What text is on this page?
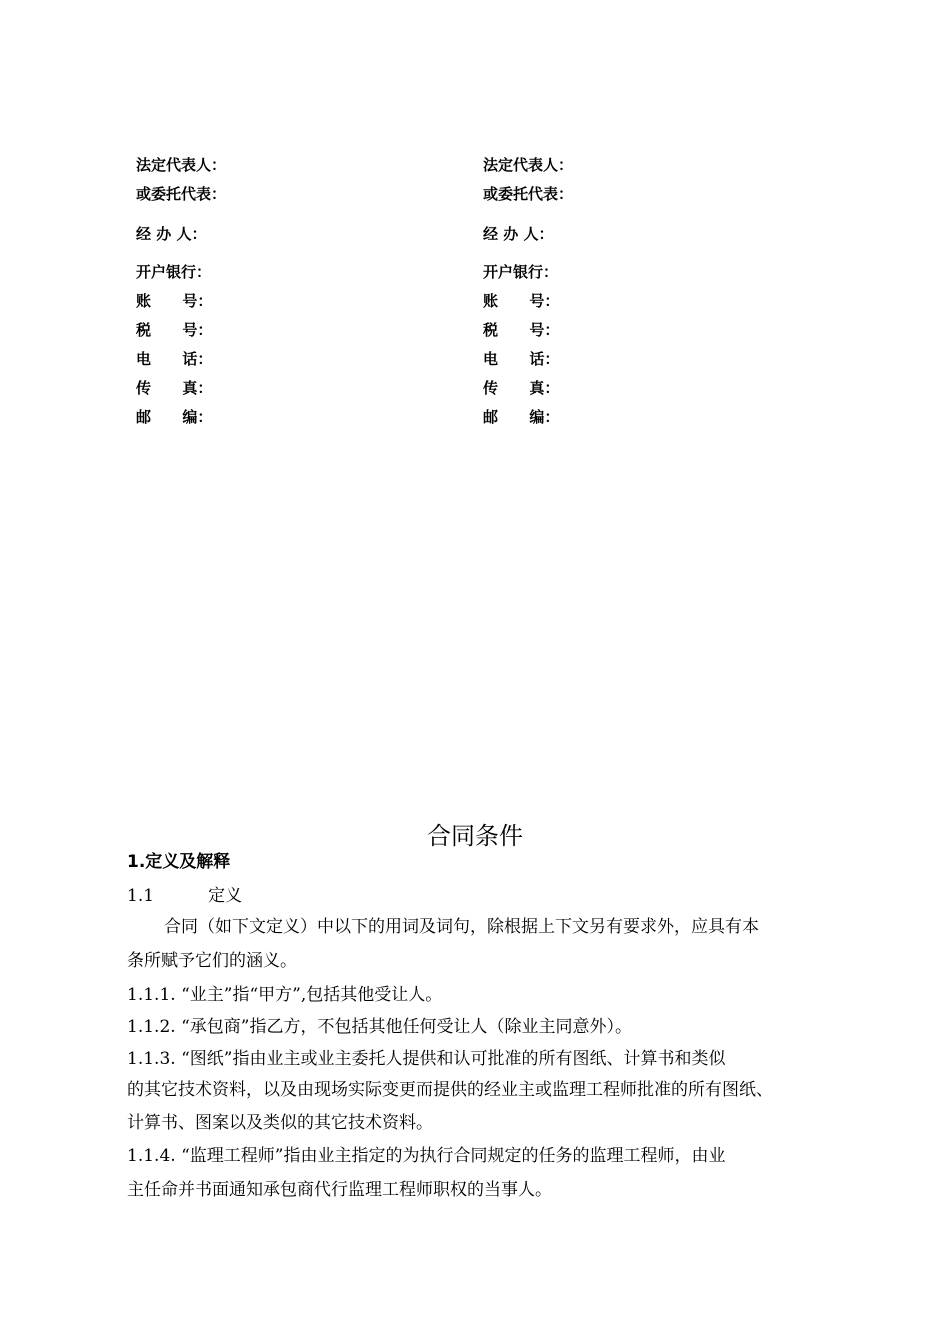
法定代表人：
或委托代表：
经 办 人：
开户银行：
账      号：
税      号：
电      话：
传      真：
邮      编：
法定代表人：
或委托代表：
经 办 人：
开户银行：
账      号：
税      号：
电      话：
传      真：
邮      编：
合同条件
1.定义及解释
1.1          定义
合同（如下文定义）中以下的用词及词句，除根据上下文另有要求外，应具有本
条所赋予它们的涵义。
1.1.1. “业主”指“甲方”,包括其他受让人。
1.1.2. “承包商”指乙方，不包括其他任何受让人（除业主同意外）。
1.1.3. “图纸”指由业主或业主委托人提供和认可批准的所有图纸、计算书和类似
的其它技术资料，以及由现场实际变更而提供的经业主或监理工程师批准的所有图纸、
计算书、图案以及类似的其它技术资料。
1.1.4. “监理工程师”指由业主指定的为执行合同规定的任务的监理工程师，由业
主任命并书面通知承包商代行监理工程师职权的当事人。
